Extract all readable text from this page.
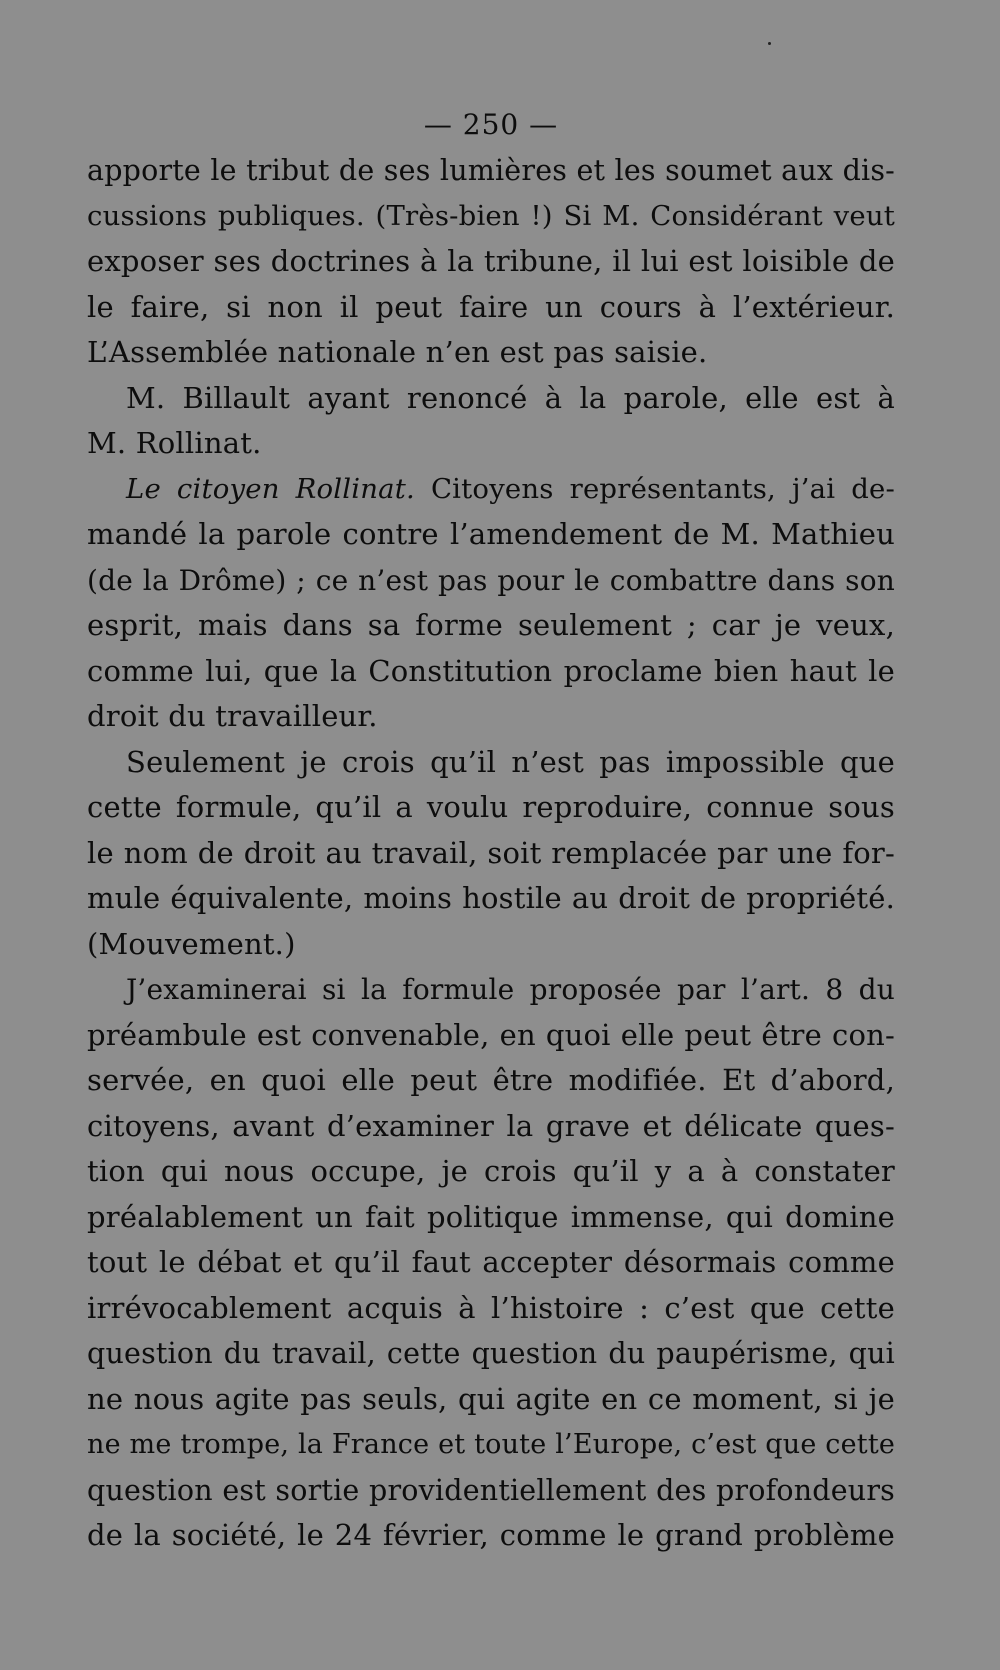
— 250 —
apporte le tribut de ses lumières et les soumet aux dis-
cussions publiques. (Très-bien !) Si M. Considérant veut
exposer ses doctrines à la tribune, il lui est loisible de
le faire, si non il peut faire un cours à l’extérieur.
L’Assemblée nationale n’en est pas saisie.
M. Billault ayant renoncé à la parole, elle est à
M. Rollinat.
Le citoyen Rollinat. Citoyens représentants, j’ai de-
mandé la parole contre l’amendement de M. Mathieu
(de la Drôme) ; ce n’est pas pour le combattre dans son
esprit, mais dans sa forme seulement ; car je veux,
comme lui, que la Constitution proclame bien haut le
droit du travailleur.
Seulement je crois qu’il n’est pas impossible que
cette formule, qu’il a voulu reproduire, connue sous
le nom de droit au travail, soit remplacée par une for-
mule équivalente, moins hostile au droit de propriété.
(Mouvement.)
J’examinerai si la formule proposée par l’art. 8 du
préambule est convenable, en quoi elle peut être con-
servée, en quoi elle peut être modifiée. Et d’abord,
citoyens, avant d’examiner la grave et délicate ques-
tion qui nous occupe, je crois qu’il y a à constater
préalablement un fait politique immense, qui domine
tout le débat et qu’il faut accepter désormais comme
irrévocablement acquis à l’histoire : c’est que cette
question du travail, cette question du paupérisme, qui
ne nous agite pas seuls, qui agite en ce moment, si je
ne me trompe, la France et toute l’Europe, c’est que cette
question est sortie providentiellement des profondeurs
de la société, le 24 février, comme le grand problème
